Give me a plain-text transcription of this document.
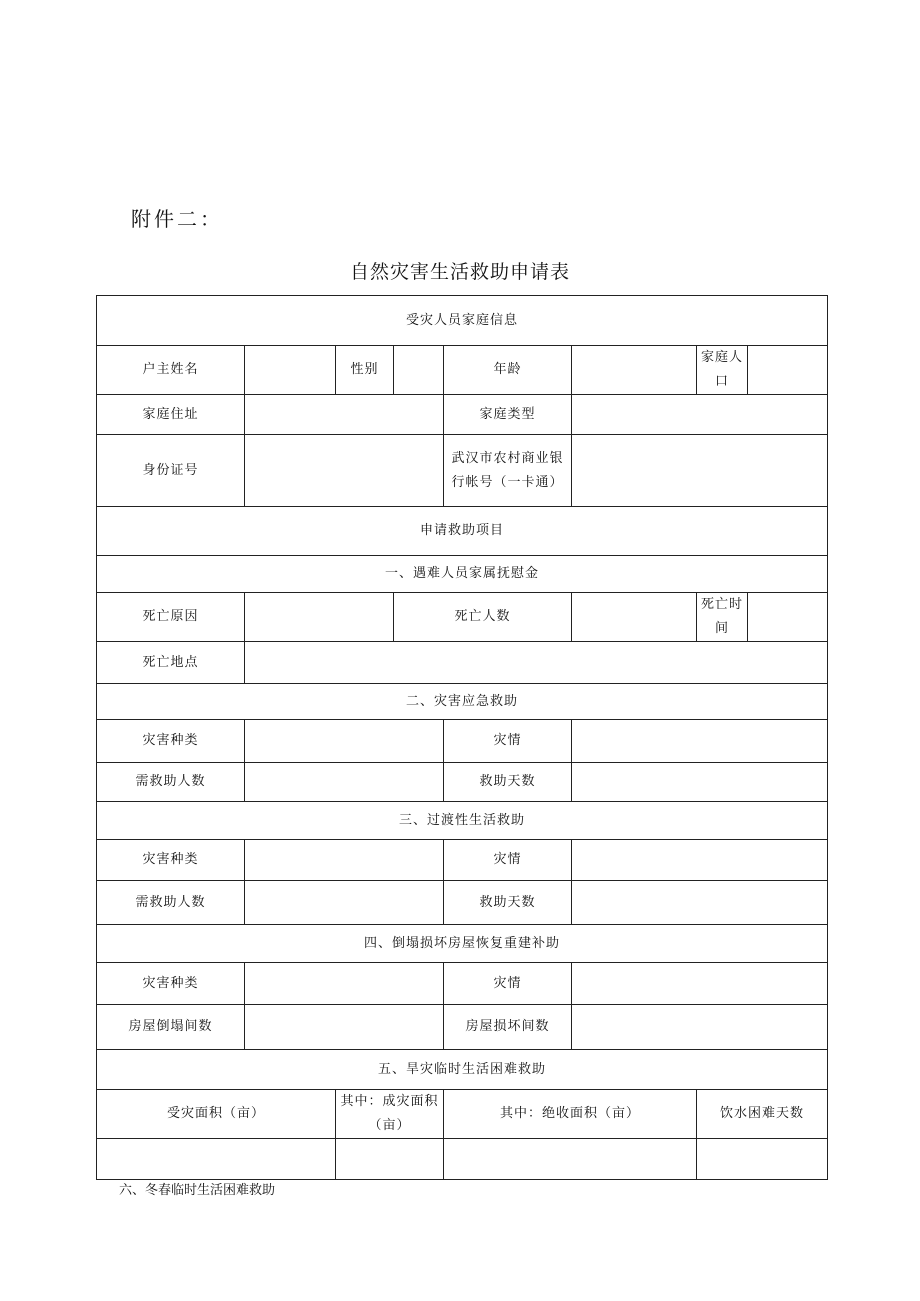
附件二：
自然灾害生活救助申请表
受灾人员家庭信息							
户主姓名		性别		年龄		家庭人口	
家庭住址				家庭类型			
身份证号				武汉市农村商业银行帐号（一卡通）			
申请救助项目							
一、遇难人员家属抚慰金							
死亡原因			死亡人数			死亡时间	
死亡地点							
二、灾害应急救助							
灾害种类				灾情			
需救助人数				救助天数			
三、过渡性生活救助							
灾害种类				灾情			
需救助人数				救助天数			
四、倒塌损坏房屋恢复重建补助							
灾害种类				灾情			
房屋倒塌间数				房屋损坏间数			
五、旱灾临时生活困难救助							
受灾面积（亩）		其中：成灾面积（亩）		其中：绝收面积（亩）		饮水困难天数	

六、冬春临时生活困难救助
